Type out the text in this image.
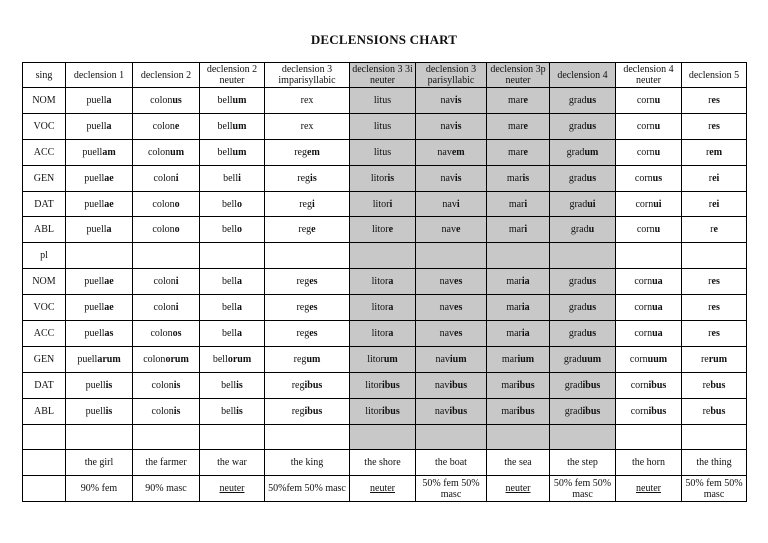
DECLENSIONS CHART
sing	declension 1	declension 2	declension 2 neuter	declension 3 imparisyllabic	declension 3 3i neuter	declension 3 parisyllabic	declension 3p neuter	declension 4	declension 4 neuter	declension 5
NOM	puella	colonus	bellum	rex	litus	navis	mare	gradus	cornu	res
VOC	puella	colone	bellum	rex	litus	navis	mare	gradus	cornu	res
ACC	puellam	colonum	bellum	regem	litus	navem	mare	gradum	cornu	rem
GEN	puellae	coloni	belli	regis	litoris	navis	maris	gradus	cornus	rei
DAT	puellae	colono	bello	regi	litori	navi	mari	gradui	cornui	rei
ABL	puella	colono	bello	rege	litore	nave	mari	gradu	cornu	re
pl										
NOM	puellae	coloni	bella	reges	litora	naves	maria	gradus	cornua	res
VOC	puellae	coloni	bella	reges	litora	naves	maria	gradus	cornua	res
ACC	puellas	colonos	bella	reges	litora	naves	maria	gradus	cornua	res
GEN	puellarum	colonorum	bellorum	regum	litorum	navium	marium	graduum	cornuum	rerum
DAT	puellis	colonis	bellis	regibus	litoribus	navibus	maribus	gradibus	cornibus	rebus
ABL	puellis	colonis	bellis	regibus	litoribus	navibus	maribus	gradibus	cornibus	rebus

	the girl	the farmer	the war	the king	the shore	the boat	the sea	the step	the horn	the thing
	90% fem	90% masc	neuter	50%fem 50% masc	neuter	50% fem 50% masc	neuter	50% fem 50% masc	neuter	50% fem 50% masc
